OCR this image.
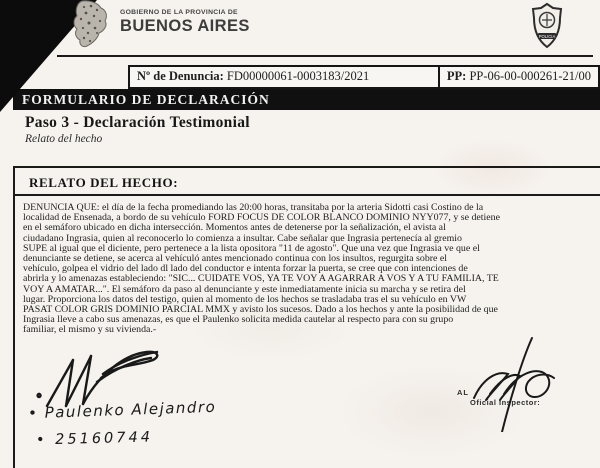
GOBIERNO DE LA PROVINCIA DE
BUENOS AIRES
POLICIA
Nº de Denuncia: FD00000061-0003183/2021	PP: PP-06-00-000261-21/00
FORMULARIO DE DECLARACIÓN
Paso 3 - Declaración Testimonial
Relato del hecho
RELATO DEL HECHO:
DENUNCIA QUE: el día de la fecha promediando las 20:00 horas, transitaba por la arteria Sidotti casi Costino de la
localidad de Ensenada, a bordo de su vehículo FORD FOCUS DE COLOR BLANCO DOMINIO NYY077, y se detiene
en el semáforo ubicado en dicha intersección. Momentos antes de detenerse por la señalización, el avista al
ciudadano Ingrasia, quien al reconocerlo lo comienza a insultar. Cabe señalar que Ingrasia pertenecía al gremio
SUPE al igual que el diciente, pero pertenece a la lista opositora "11 de agosto". Que una vez que Ingrasia ve que el
denunciante se detiene, se acerca al vehículó antes mencionado continua con los insultos, regurgita sobre el
vehículo, golpea el vidrio del lado dl lado del conductor e intenta forzar la puerta, se cree que con intenciones de
abrirla y lo amenazas estableciendo: "SIC... CUIDATE VOS, YA TE VOY A AGARRAR A VOS Y A TU FAMILIA, TE
VOY A AMATAR...". El semáforo da paso al denunciante y este inmediatamente inicia su marcha y se retira del
lugar. Proporciona los datos del testigo, quien al momento de los hechos se trasladaba tras el su vehículo en VW
PASAT COLOR GRIS DOMINIO PARCIAL MMX y avisto los sucesos. Dado a los hechos y ante la posibilidad de que
Ingrasia lleve a cabo sus amenazas, es que el Paulenko solicita medida cautelar al respecto para con su grupo
familiar, el mismo y su vivienda.-
• Paulenko Alejandro
• 25160744
AL
Oficial Inspector:
